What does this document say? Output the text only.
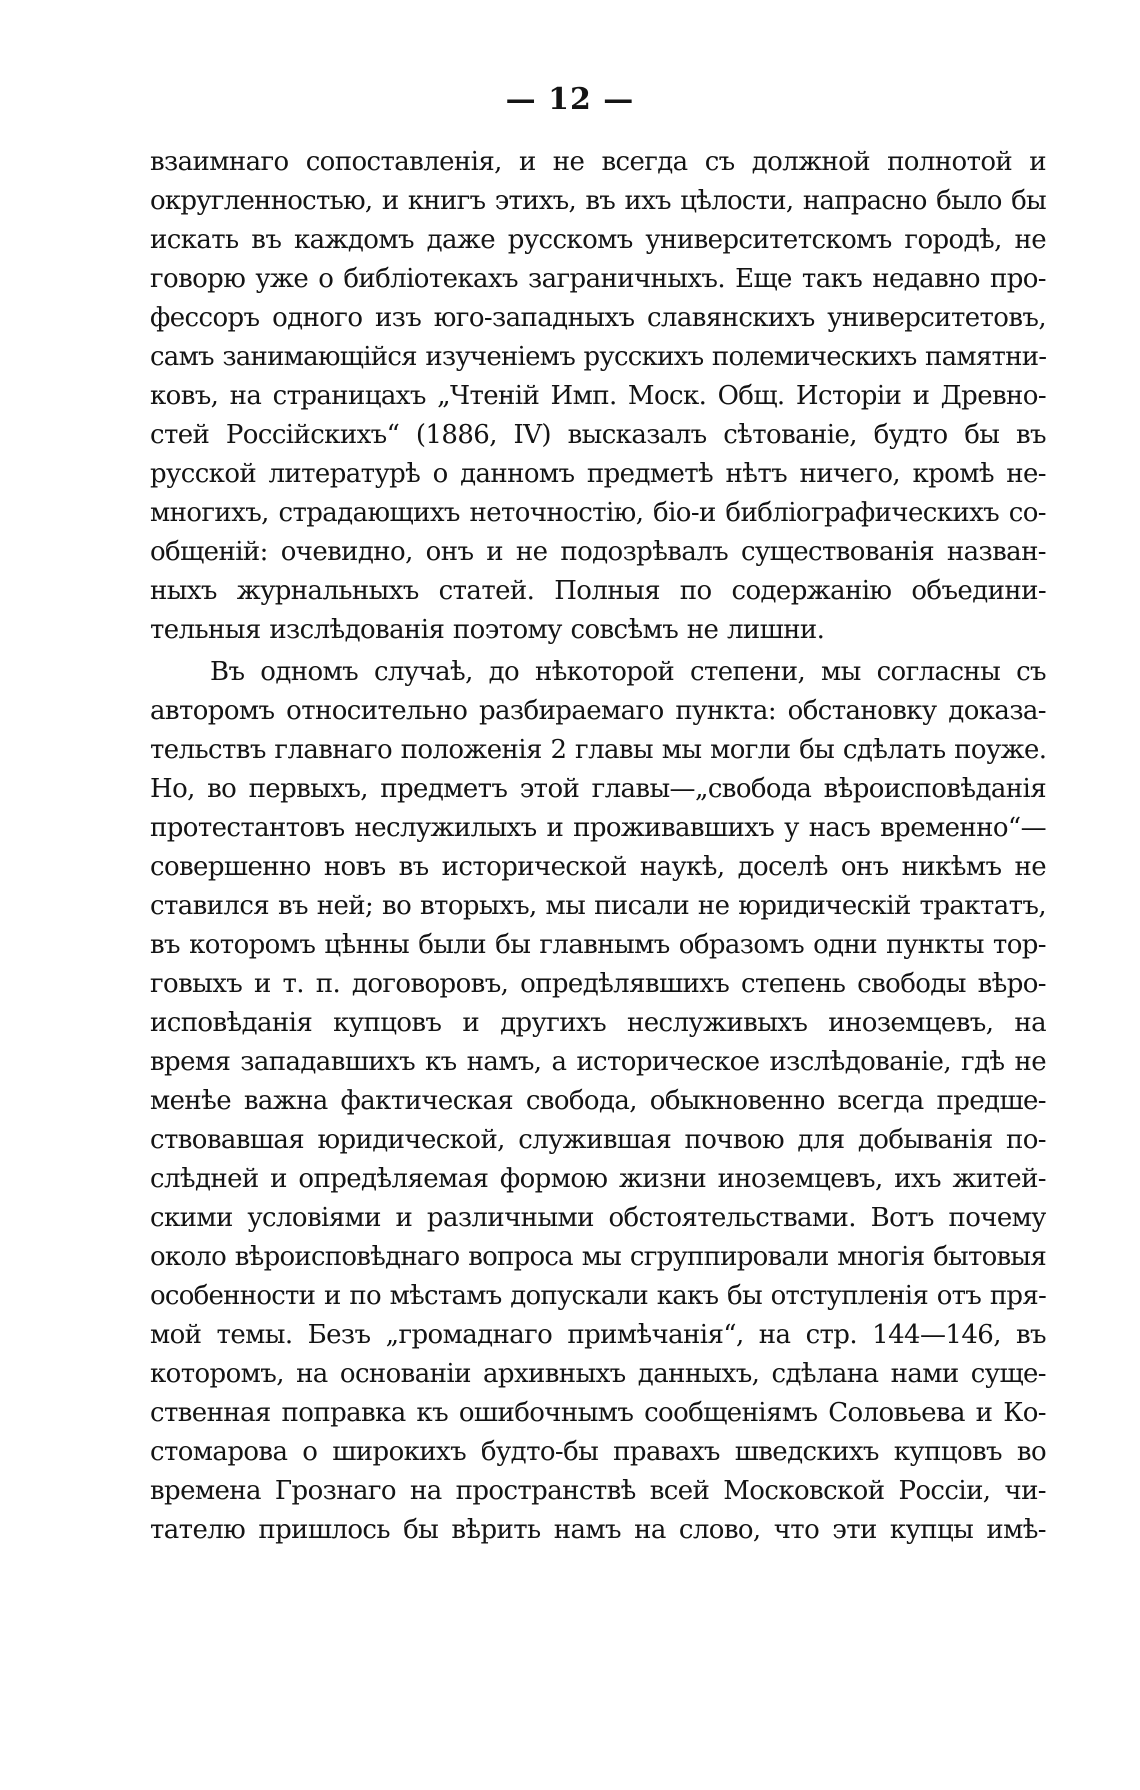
— 12 —
взаимнаго сопоставленія, и не всегда съ должной полнотой и
округленностью, и книгъ этихъ, въ ихъ цѣлости, напрасно было бы
искать въ каждомъ даже русскомъ университетскомъ городѣ, не
говорю уже о библіотекахъ заграничныхъ. Еще такъ недавно про-
фессоръ одного изъ юго-западныхъ славянскихъ университетовъ,
самъ занимающійся изученіемъ русскихъ полемическихъ памятни-
ковъ, на страницахъ „Чтеній Имп. Моск. Общ. Исторіи и Древно-
стей Россійскихъ“ (1886, IV) высказалъ сѣтованіе, будто бы въ
русской литературѣ о данномъ предметѣ нѣтъ ничего, кромѣ не-
многихъ, страдающихъ неточностію, біо-и библіографическихъ со-
общеній: очевидно, онъ и не подозрѣвалъ существованія назван-
ныхъ журнальныхъ статей. Полныя по содержанію объедини-
тельныя изслѣдованія поэтому совсѣмъ не лишни.
Въ одномъ случаѣ, до нѣкоторой степени, мы согласны съ
авторомъ относительно разбираемаго пункта: обстановку доказа-
тельствъ главнаго положенія 2 главы мы могли бы сдѣлать поуже.
Но, во первыхъ, предметъ этой главы—„свобода вѣроисповѣданія
протестантовъ неслужилыхъ и проживавшихъ у насъ временно“—
совершенно новъ въ исторической наукѣ, доселѣ онъ никѣмъ не
ставился въ ней; во вторыхъ, мы писали не юридическій трактатъ,
въ которомъ цѣнны были бы главнымъ образомъ одни пункты тор-
говыхъ и т. п. договоровъ, опредѣлявшихъ степень свободы вѣро-
исповѣданія купцовъ и другихъ неслуживыхъ иноземцевъ, на
время западавшихъ къ намъ, а историческое изслѣдованіе, гдѣ не
менѣе важна фактическая свобода, обыкновенно всегда предше-
ствовавшая юридической, служившая почвою для добыванія по-
слѣдней и опредѣляемая формою жизни иноземцевъ, ихъ житей-
скими условіями и различными обстоятельствами. Вотъ почему
около вѣроисповѣднаго вопроса мы сгруппировали многія бытовыя
особенности и по мѣстамъ допускали какъ бы отступленія отъ пря-
мой темы. Безъ „громаднаго примѣчанія“, на стр. 144—146, въ
которомъ, на основаніи архивныхъ данныхъ, сдѣлана нами суще-
ственная поправка къ ошибочнымъ сообщеніямъ Соловьева и Ко-
стомарова о широкихъ будто-бы правахъ шведскихъ купцовъ во
времена Грознаго на пространствѣ всей Московской Россіи, чи-
тателю пришлось бы вѣрить намъ на слово, что эти купцы имѣ-
